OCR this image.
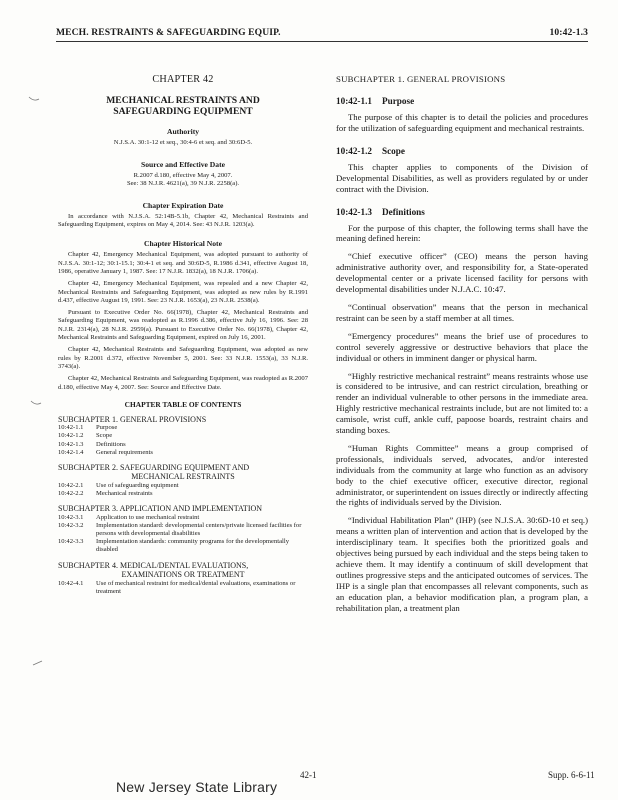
MECH. RESTRAINTS & SAFEGUARDING EQUIP.	10:42-1.3
CHAPTER 42
MECHANICAL RESTRAINTS AND
SAFEGUARDING EQUIPMENT
Authority
N.J.S.A. 30:1-12 et seq., 30:4-6 et seq. and 30:6D-5.
Source and Effective Date
R.2007 d.180, effective May 4, 2007.
See: 38 N.J.R. 4621(a), 39 N.J.R. 2258(a).
Chapter Expiration Date

In accordance with N.J.S.A. 52:14B-5.1b, Chapter 42, Mechanical Restraints and Safeguarding Equipment, expires on May 4, 2014. See: 43 N.J.R. 1203(a).

Chapter Historical Note

Chapter 42, Emergency Mechanical Equipment, was adopted pursuant to authority of N.J.S.A. 30:1-12; 30:1-15.1; 30:4-1 et seq. and 30:6D-5, R.1986 d.341, effective August 18, 1986, operative January 1, 1987. See: 17 N.J.R. 1832(a), 18 N.J.R. 1706(a).

Chapter 42, Emergency Mechanical Equipment, was repealed and a new Chapter 42, Mechanical Restraints and Safeguarding Equipment, was adopted as new rules by R.1991 d.437, effective August 19, 1991. See: 23 N.J.R. 1653(a), 23 N.J.R. 2538(a).

Pursuant to Executive Order No. 66(1978), Chapter 42, Mechanical Restraints and Safeguarding Equipment, was readopted as R.1996 d.386, effective July 16, 1996. See: 28 N.J.R. 2314(a), 28 N.J.R. 2959(a). Pursuant to Executive Order No. 66(1978), Chapter 42, Mechanical Restraints and Safeguarding Equipment, expired on July 16, 2001.

Chapter 42, Mechanical Restraints and Safeguarding Equipment, was adopted as new rules by R.2001 d.372, effective November 5, 2001. See: 33 N.J.R. 1553(a), 33 N.J.R. 3743(a).

Chapter 42, Mechanical Restraints and Safeguarding Equipment, was readopted as R.2007 d.180, effective May 4, 2007. See: Source and Effective Date.

CHAPTER TABLE OF CONTENTS
SUBCHAPTER 1. GENERAL PROVISIONS
10:42-1.1	Purpose
10:42-1.2	Scope
10:42-1.3	Definitions
10:42-1.4	General requirements
SUBCHAPTER 2. SAFEGUARDING EQUIPMENT AND
MECHANICAL RESTRAINTS
10:42-2.1	Use of safeguarding equipment
10:42-2.2	Mechanical restraints
SUBCHAPTER 3. APPLICATION AND IMPLEMENTATION
10:42-3.1	Application to use mechanical restraint
10:42-3.2	Implementation standard: developmental centers/private licensed facilities for persons with developmental disabilities
10:42-3.3	Implementation standards: community programs for the developmentally disabled
SUBCHAPTER 4. MEDICAL/DENTAL EVALUATIONS,
EXAMINATIONS OR TREATMENT
10:42-4.1	Use of mechanical restraint for medical/dental evaluations, examinations or treatment
SUBCHAPTER 1. GENERAL PROVISIONS
10:42-1.1 Purpose

The purpose of this chapter is to detail the policies and procedures for the utilization of safeguarding equipment and mechanical restraints.

10:42-1.2 Scope

This chapter applies to components of the Division of Developmental Disabilities, as well as providers regulated by or under contract with the Division.

10:42-1.3 Definitions

For the purpose of this chapter, the following terms shall have the meaning defined herein:

“Chief executive officer” (CEO) means the person having administrative authority over, and responsibility for, a State-operated developmental center or a private licensed facility for persons with developmental disabilities under N.J.A.C. 10:47.

“Continual observation” means that the person in mechanical restraint can be seen by a staff member at all times.

“Emergency procedures” means the brief use of procedures to control severely aggressive or destructive behaviors that place the individual or others in imminent danger or physical harm.

“Highly restrictive mechanical restraint” means restraints whose use is considered to be intrusive, and can restrict circulation, breathing or render an individual vulnerable to other persons in the immediate area. Highly restrictive mechanical restraints include, but are not limited to: a camisole, wrist cuff, ankle cuff, papoose boards, restraint chairs and standing boxes.

“Human Rights Committee” means a group comprised of professionals, individuals served, advocates, and/or interested individuals from the community at large who function as an advisory body to the chief executive officer, executive director, regional administrator, or superintendent on issues directly or indirectly affecting the rights of individuals served by the Division.

“Individual Habilitation Plan” (IHP) (see N.J.S.A. 30:6D-10 et seq.) means a written plan of intervention and action that is developed by the interdisciplinary team. It specifies both the prioritized goals and objectives being pursued by each individual and the steps being taken to achieve them. It may identify a continuum of skill development that outlines progressive steps and the anticipated outcomes of services. The IHP is a single plan that encompasses all relevant components, such as an education plan, a behavior modification plan, a program plan, a rehabilitation plan, a treatment plan

42-1	Supp. 6-6-11
New Jersey State Library
